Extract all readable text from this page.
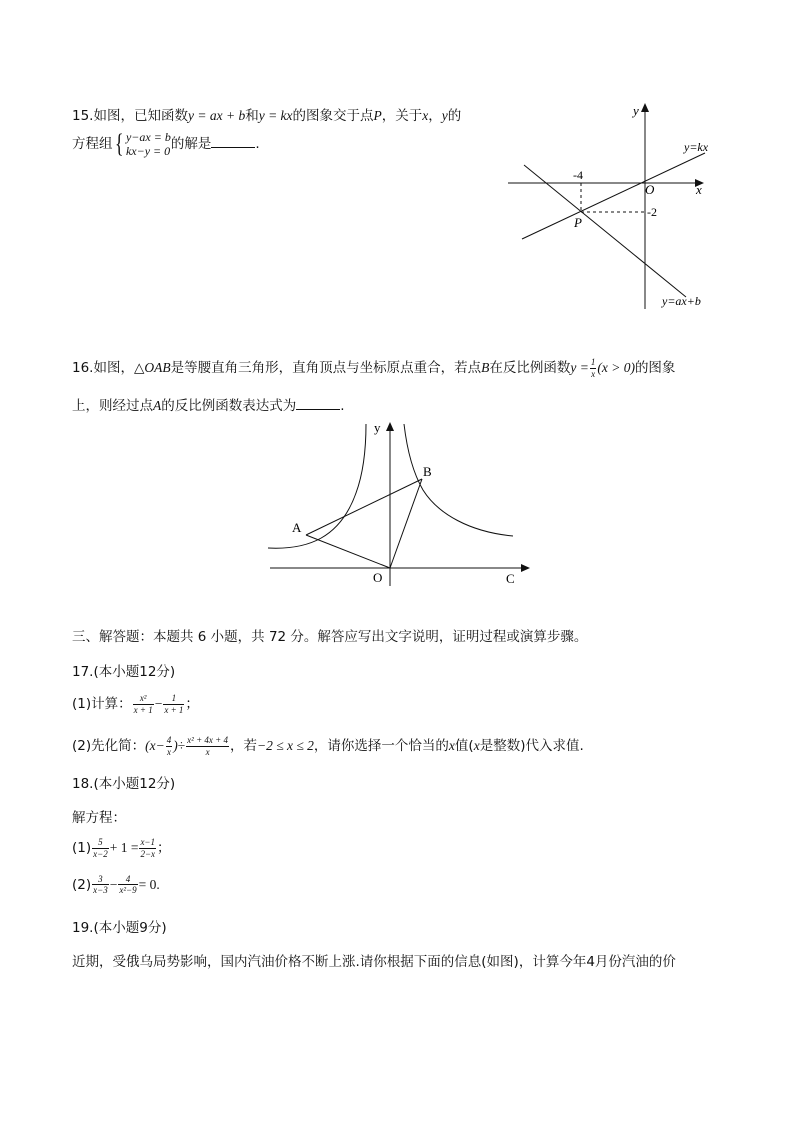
15.如图，已知函数y = ax + b和y = kx的图象交于点P，关于x，y的
方程组{ y−ax = b
kx−y = 0 的解是	.
y
x
O
-4
-2
P
y=kx
y=ax+b
16.如图，△OAB是等腰直角三角形，直角顶点与坐标原点重合，若点B在反比例函数$y = \frac{1}{x} (x > 0)$的图象
上，则经过点A的反比例函数表达式为	.
y
O	C
A
B
三、解答题：本题共 6 小题，共 72 分。解答应写出文字说明，证明过程或演算步骤。
17.(本小题12分)
(1)计算： $\frac{\text{x²}}{x + 1} - \frac{1}{x + 1}$ ；
(2)先化简：($x- \frac{4}{x}$ )÷ $\frac{\text{x² + 4x + 4}}{x}$ ，若−2 ≤ x ≤ 2，请你选择一个恰当的x值(x是整数)代入求值.
18.(本小题12分)
解方程：
$(1) \frac{5}{x-2} + 1 = \frac{x-1}{2-x}$ ；
$(2) \frac{3}{x-3} - \frac{4}{\text{x²−9}} = 0$.
19.(本小题9分)
近期，受俄乌局势影响，国内汽油价格不断上涨.请你根据下面的信息(如图)，计算今年4月份汽油的价
